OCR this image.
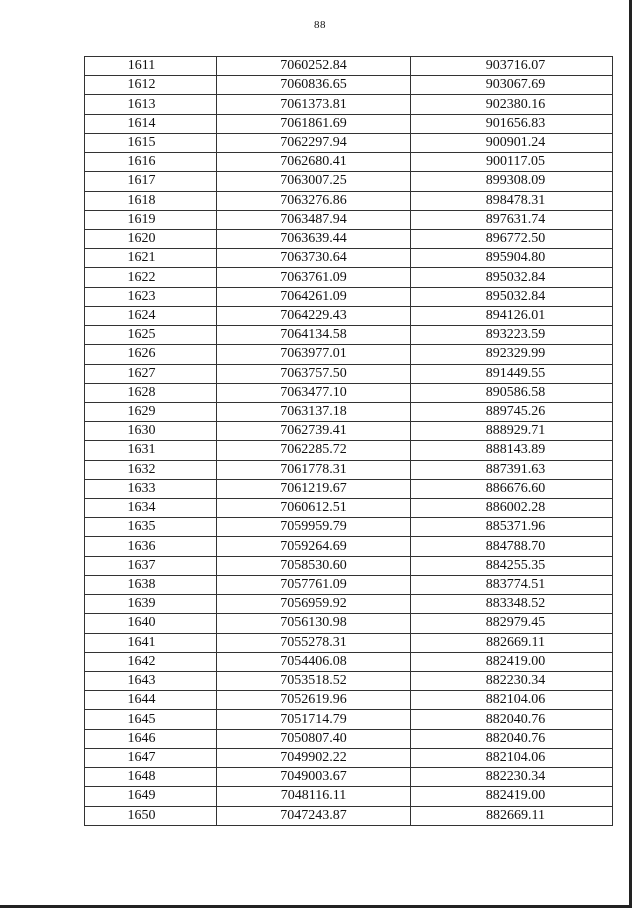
88
1611	7060252.84	903716.07
1612	7060836.65	903067.69
1613	7061373.81	902380.16
1614	7061861.69	901656.83
1615	7062297.94	900901.24
1616	7062680.41	900117.05
1617	7063007.25	899308.09
1618	7063276.86	898478.31
1619	7063487.94	897631.74
1620	7063639.44	896772.50
1621	7063730.64	895904.80
1622	7063761.09	895032.84
1623	7064261.09	895032.84
1624	7064229.43	894126.01
1625	7064134.58	893223.59
1626	7063977.01	892329.99
1627	7063757.50	891449.55
1628	7063477.10	890586.58
1629	7063137.18	889745.26
1630	7062739.41	888929.71
1631	7062285.72	888143.89
1632	7061778.31	887391.63
1633	7061219.67	886676.60
1634	7060612.51	886002.28
1635	7059959.79	885371.96
1636	7059264.69	884788.70
1637	7058530.60	884255.35
1638	7057761.09	883774.51
1639	7056959.92	883348.52
1640	7056130.98	882979.45
1641	7055278.31	882669.11
1642	7054406.08	882419.00
1643	7053518.52	882230.34
1644	7052619.96	882104.06
1645	7051714.79	882040.76
1646	7050807.40	882040.76
1647	7049902.22	882104.06
1648	7049003.67	882230.34
1649	7048116.11	882419.00
1650	7047243.87	882669.11
